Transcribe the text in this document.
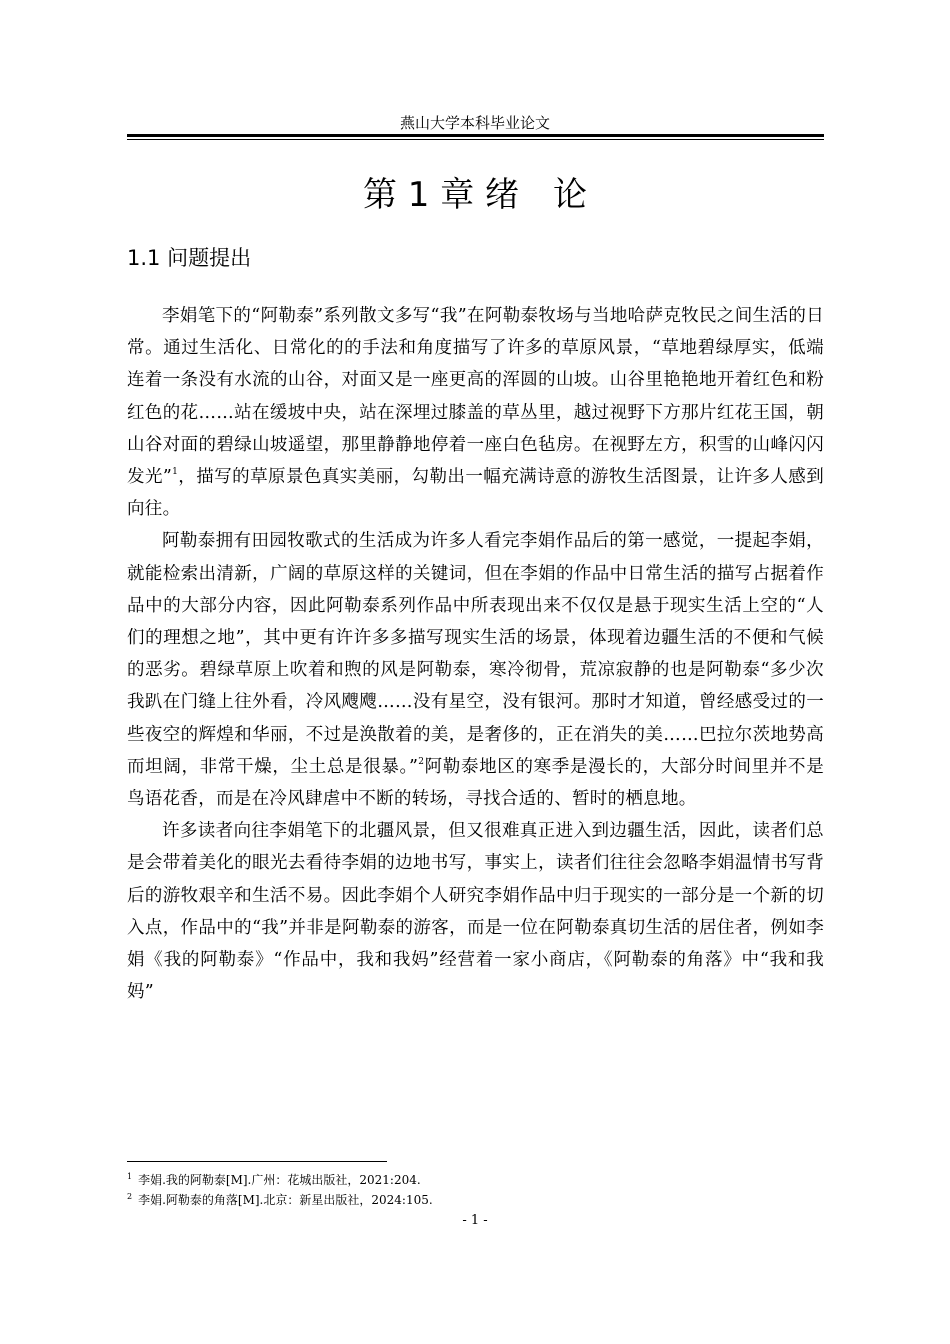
燕山大学本科毕业论文
第 1 章 绪　论
1.1 问题提出

李娟笔下的“阿勒泰”系列散文多写“我”在阿勒泰牧场与当地哈萨克牧民之间生活的日常。通过生活化、日常化的的手法和角度描写了许多的草原风景，“草地碧绿厚实，低端连着一条没有水流的山谷，对面又是一座更高的浑圆的山坡。山谷里艳艳地开着红色和粉红色的花……站在缓坡中央，站在深埋过膝盖的草丛里，越过视野下方那片红花王国，朝山谷对面的碧绿山坡遥望，那里静静地停着一座白色毡房。在视野左方，积雪的山峰闪闪发光”$^1$，描写的草原景色真实美丽，勾勒出一幅充满诗意的游牧生活图景，让许多人感到向往。

阿勒泰拥有田园牧歌式的生活成为许多人看完李娟作品后的第一感觉，一提起李娟，就能检索出清新，广阔的草原这样的关键词，但在李娟的作品中日常生活的描写占据着作品中的大部分内容，因此阿勒泰系列作品中所表现出来不仅仅是悬于现实生活上空的“人们的理想之地”，其中更有许许多多描写现实生活的场景，体现着边疆生活的不便和气候的恶劣。碧绿草原上吹着和煦的风是阿勒泰，寒冷彻骨，荒凉寂静的也是阿勒泰“多少次我趴在门缝上往外看，冷风飕飕……没有星空，没有银河。那时才知道，曾经感受过的一些夜空的辉煌和华丽，不过是涣散着的美，是奢侈的，正在消失的美……巴拉尔茨地势高而坦阔，非常干燥，尘土总是很暴。”$^2$阿勒泰地区的寒季是漫长的，大部分时间里并不是鸟语花香，而是在冷风肆虐中不断的转场，寻找合适的、暂时的栖息地。

许多读者向往李娟笔下的北疆风景，但又很难真正进入到边疆生活，因此，读者们总是会带着美化的眼光去看待李娟的边地书写，事实上，读者们往往会忽略李娟温情书写背后的游牧艰辛和生活不易。因此李娟个人研究李娟作品中归于现实的一部分是一个新的切入点，作品中的“我”并非是阿勒泰的游客，而是一位在阿勒泰真切生活的居住者，例如李娟《我的阿勒泰》“作品中，我和我妈”经营着一家小商店，《阿勒泰的角落》中“我和我妈”

$^1$ 李娟.我的阿勒泰[M].广州：花城出版社，2021:204.
$^2$ 李娟.阿勒泰的角落[M].北京：新星出版社，2024:105.
- 1 -
